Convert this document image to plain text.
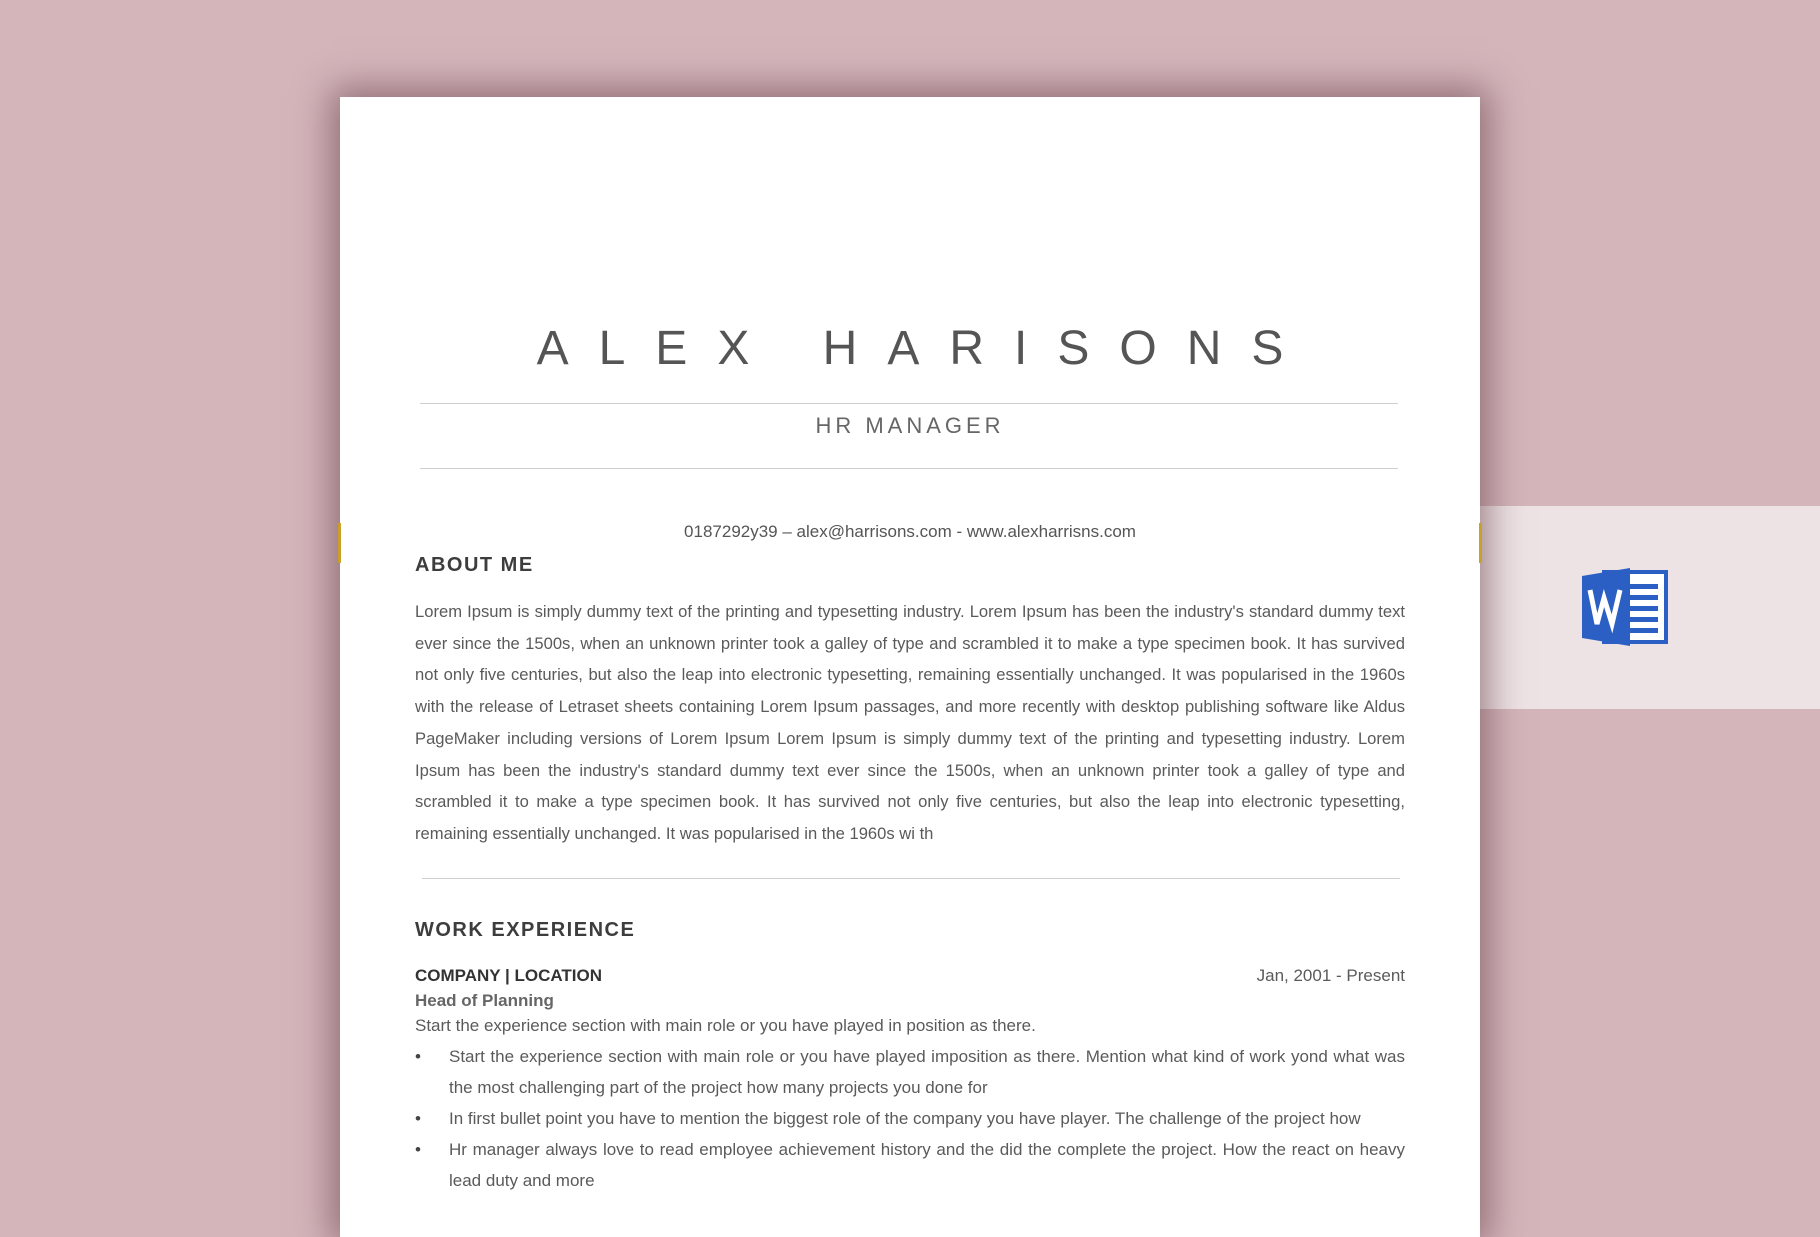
ALEX HARISONS
HR MANAGER
0187292y39 – alex@harrisons.com - www.alexharrisns.com
ABOUT ME

Lorem Ipsum is simply dummy text of the printing and typesetting industry. Lorem Ipsum has been the industry's standard dummy text ever since the 1500s, when an unknown printer took a galley of type and scrambled it to make a type specimen book. It has survived not only five centuries, but also the leap into electronic typesetting, remaining essentially unchanged. It was popularised in the 1960s with the release of Letraset sheets containing Lorem Ipsum passages, and more recently with desktop publishing software like Aldus PageMaker including versions of Lorem Ipsum Lorem Ipsum is simply dummy text of the printing and typesetting industry. Lorem Ipsum has been the industry's standard dummy text ever since the 1500s, when an unknown printer took a galley of type and scrambled it to make a type specimen book. It has survived not only five centuries, but also the leap into electronic typesetting, remaining essentially unchanged. It was popularised in the 1960s wi th

WORK EXPERIENCE
COMPANY | LOCATION	Jan, 2001 - Present
Head of Planning
Start the experience section with main role or you have played in position as there.
• Start the experience section with main role or you have played imposition as there. Mention what kind of work yond what was the most challenging part of the project how many projects you done for
• In first bullet point you have to mention the biggest role of the company you have player. The challenge of the project how
• Hr manager always love to read employee achievement history and the did the complete the project. How the react on heavy lead duty and more
